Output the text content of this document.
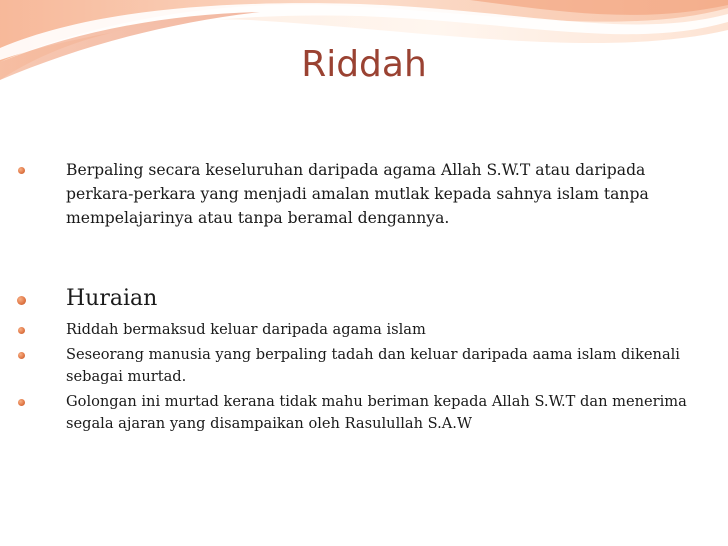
Riddah
Berpaling secara keseluruhan daripada agama Allah S.W.T atau daripada perkara-perkara yang menjadi amalan mutlak kepada sahnya islam tanpa mempelajarinya atau tanpa beramal dengannya.
Huraian
Riddah bermaksud keluar daripada agama islam
Seseorang manusia yang berpaling tadah dan keluar daripada aama islam dikenali sebagai murtad.
Golongan ini murtad kerana tidak mahu beriman kepada Allah S.W.T dan menerima segala ajaran yang disampaikan oleh Rasulullah S.A.W
